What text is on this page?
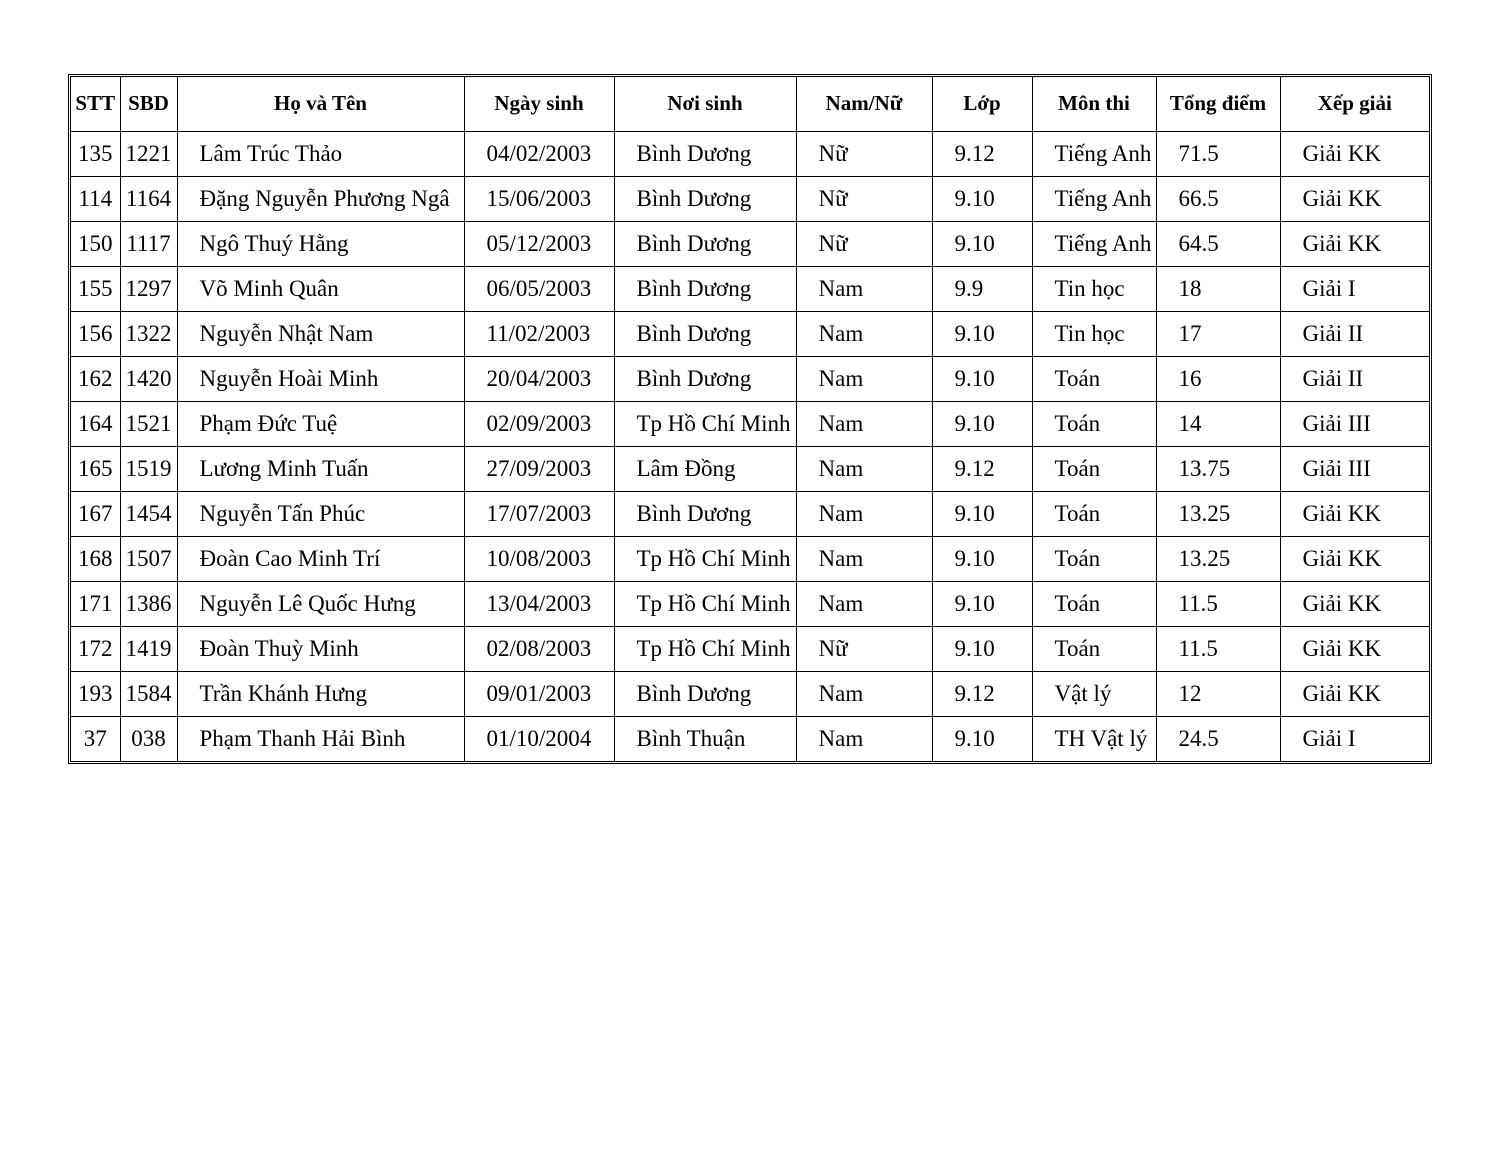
STT	SBD	Họ và Tên	Ngày sinh	Nơi sinh	Nam/Nữ	Lớp	Môn thi	Tổng điểm	Xếp giải
135	1221	Lâm Trúc Thảo	04/02/2003	Bình Dương	Nữ	9.12	Tiếng Anh	71.5	Giải KK
114	1164	Đặng Nguyễn Phương Ngâ	15/06/2003	Bình Dương	Nữ	9.10	Tiếng Anh	66.5	Giải KK
150	1117	Ngô Thuý Hằng	05/12/2003	Bình Dương	Nữ	9.10	Tiếng Anh	64.5	Giải KK
155	1297	Võ Minh Quân	06/05/2003	Bình Dương	Nam	9.9	Tin học	18	Giải I
156	1322	Nguyễn Nhật Nam	11/02/2003	Bình Dương	Nam	9.10	Tin học	17	Giải II
162	1420	Nguyễn Hoài Minh	20/04/2003	Bình Dương	Nam	9.10	Toán	16	Giải II
164	1521	Phạm Đức Tuệ	02/09/2003	Tp Hồ Chí Minh	Nam	9.10	Toán	14	Giải III
165	1519	Lương Minh Tuấn	27/09/2003	Lâm Đồng	Nam	9.12	Toán	13.75	Giải III
167	1454	Nguyễn Tấn Phúc	17/07/2003	Bình Dương	Nam	9.10	Toán	13.25	Giải KK
168	1507	Đoàn Cao Minh Trí	10/08/2003	Tp Hồ Chí Minh	Nam	9.10	Toán	13.25	Giải KK
171	1386	Nguyễn Lê Quốc Hưng	13/04/2003	Tp Hồ Chí Minh	Nam	9.10	Toán	11.5	Giải KK
172	1419	Đoàn Thuỳ Minh	02/08/2003	Tp Hồ Chí Minh	Nữ	9.10	Toán	11.5	Giải KK
193	1584	Trần Khánh Hưng	09/01/2003	Bình Dương	Nam	9.12	Vật lý	12	Giải KK
37	038	Phạm Thanh Hải Bình	01/10/2004	Bình Thuận	Nam	9.10	TH Vật lý	24.5	Giải I
